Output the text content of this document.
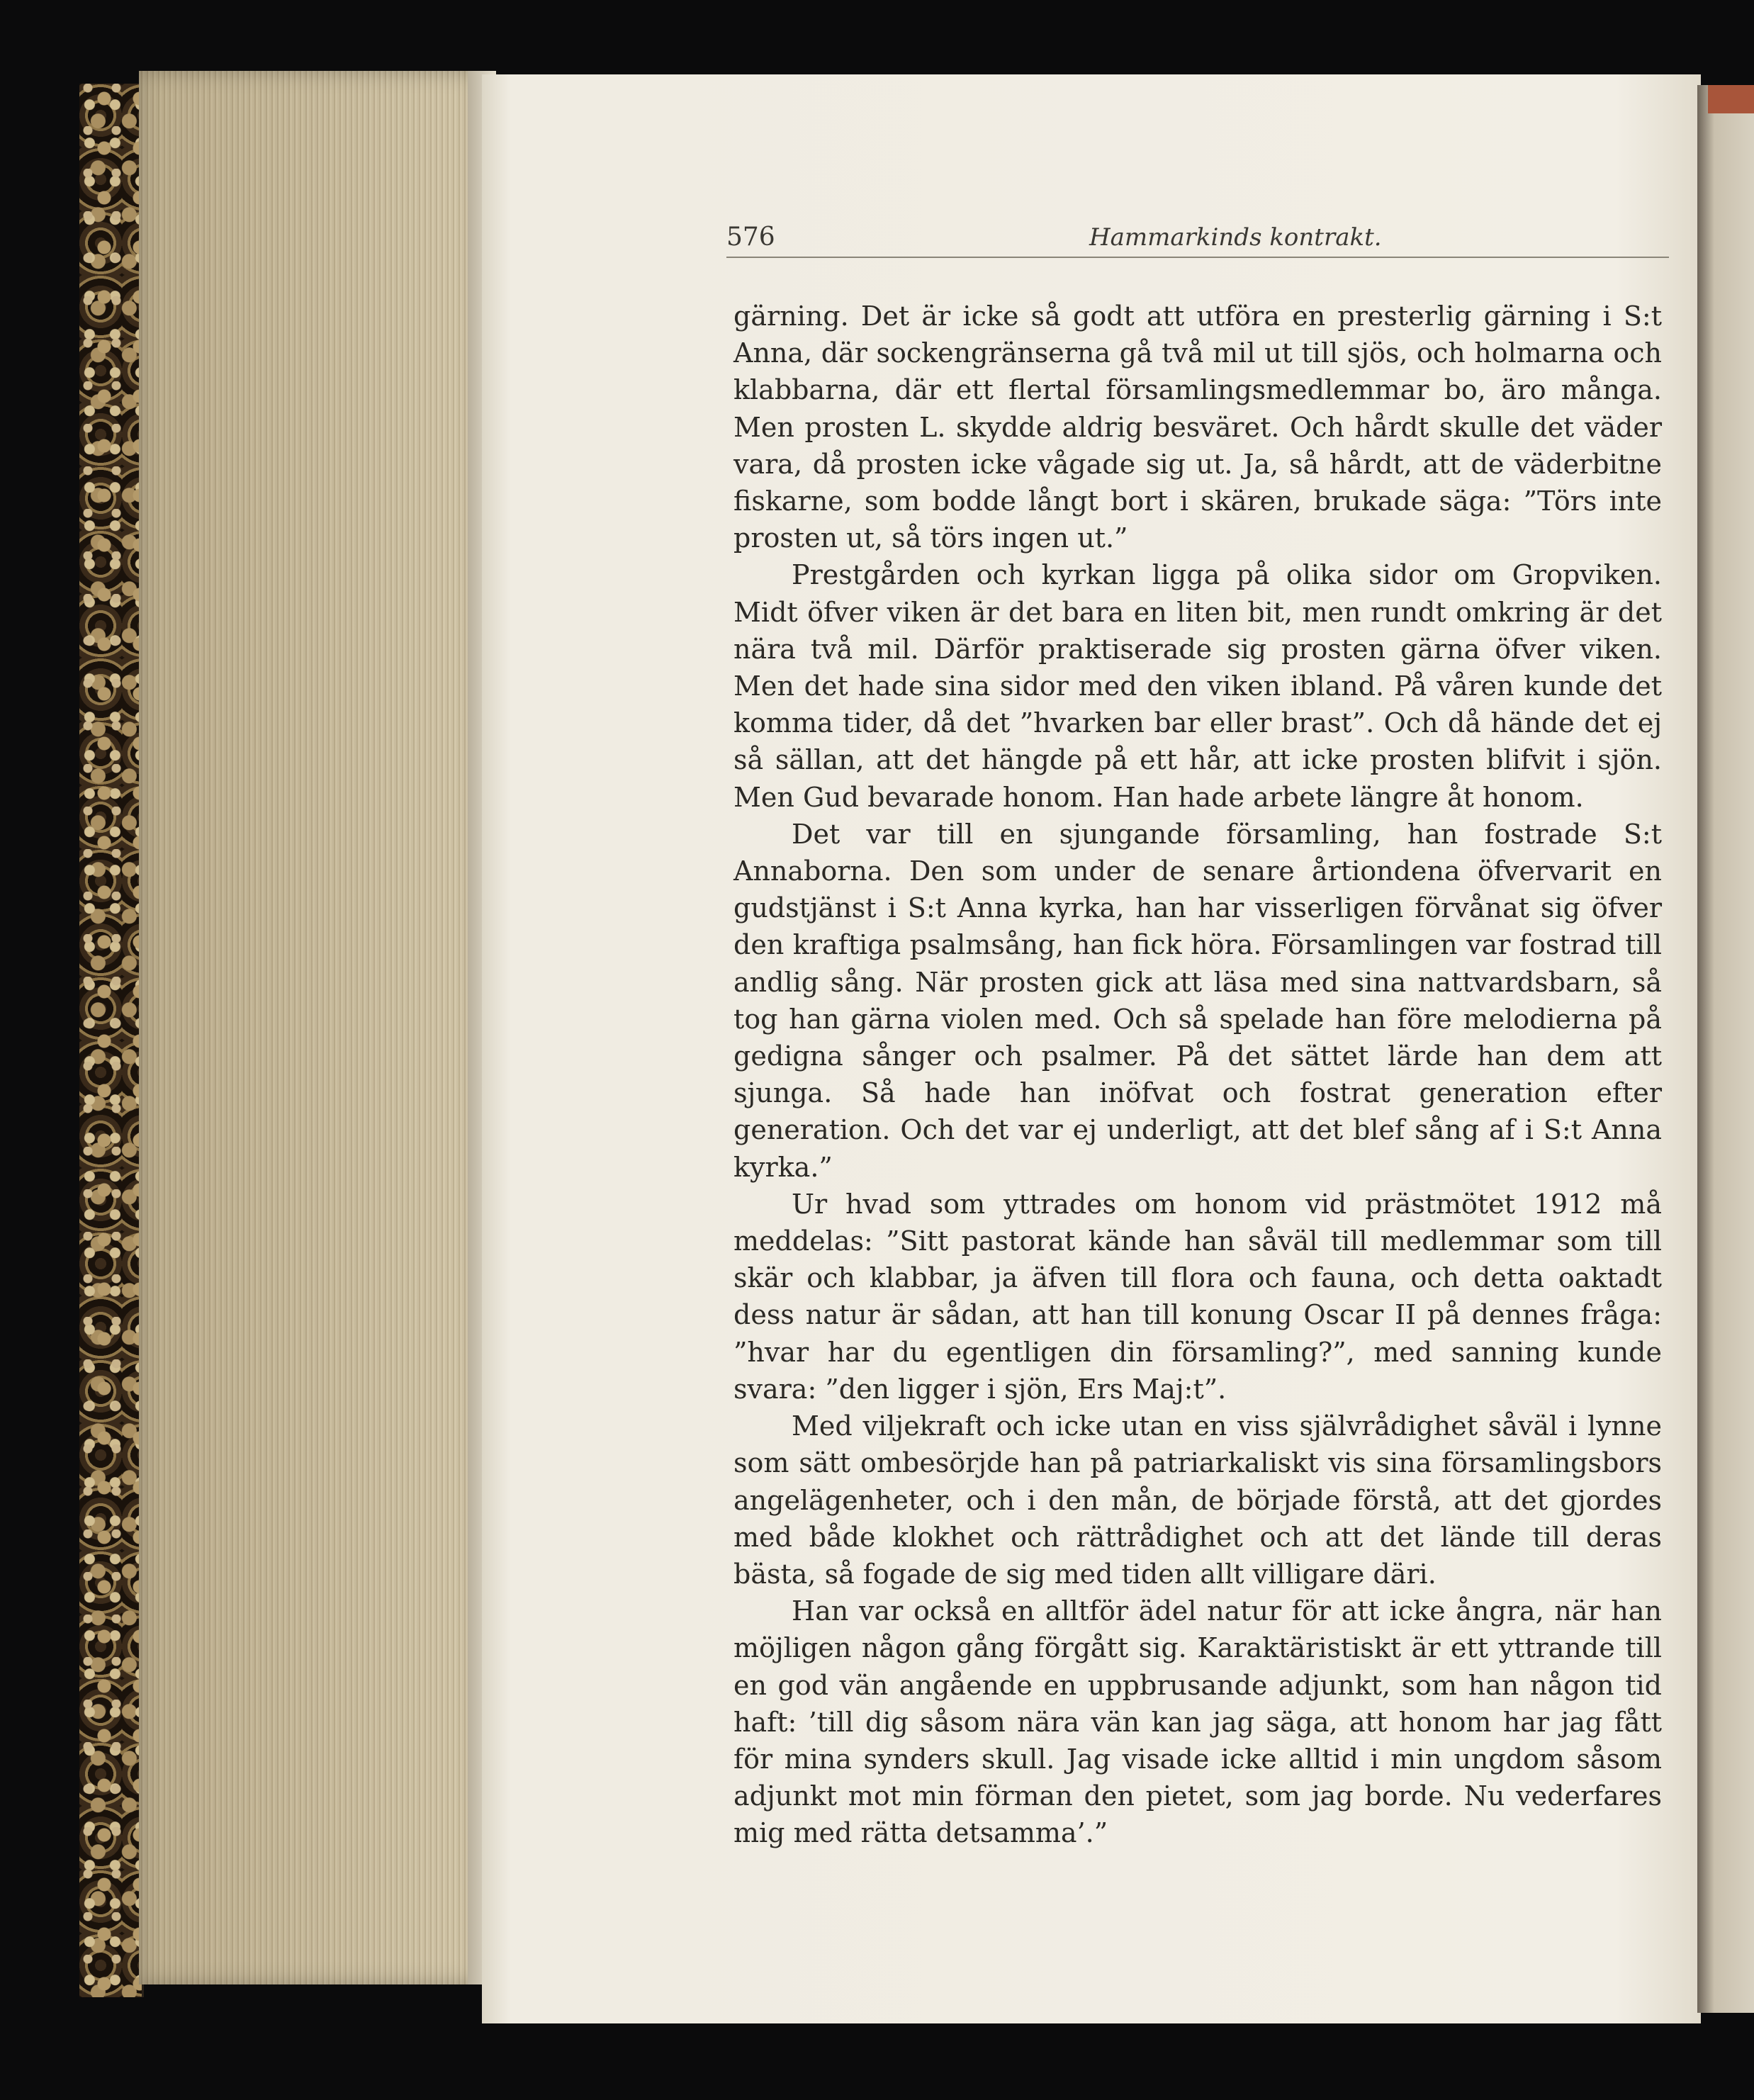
576	Hammarkinds kontrakt.

gärning. Det är icke så godt att utföra en presterlig gärning i S:t Anna, där sockengränserna gå två mil ut till sjös, och holmarna och klabbarna, där ett flertal församlingsmedlemmar bo, äro många. Men prosten L. skydde aldrig besväret. Och hårdt skulle det väder vara, då prosten icke vågade sig ut. Ja, så hårdt, att de väderbitne fiskarne, som bodde långt bort i skären, brukade säga: ”Törs inte prosten ut, så törs ingen ut.”

Prestgården och kyrkan ligga på olika sidor om Gropviken. Midt öfver viken är det bara en liten bit, men rundt omkring är det nära två mil. Därför praktiserade sig prosten gärna öfver viken. Men det hade sina sidor med den viken ibland. På våren kunde det komma tider, då det ”hvarken bar eller brast”. Och då hände det ej så sällan, att det hängde på ett hår, att icke prosten blifvit i sjön. Men Gud bevarade honom. Han hade arbete längre åt honom.

Det var till en sjungande församling, han fostrade S:t Annaborna. Den som under de senare årtiondena öfvervarit en gudstjänst i S:t Anna kyrka, han har visserligen förvånat sig öfver den kraftiga psalmsång, han fick höra. Församlingen var fostrad till andlig sång. När prosten gick att läsa med sina nattvardsbarn, så tog han gärna violen med. Och så spelade han före melodierna på gedigna sånger och psalmer. På det sättet lärde han dem att sjunga. Så hade han inöfvat och fostrat generation efter generation. Och det var ej underligt, att det blef sång af i S:t Anna kyrka.”

Ur hvad som yttrades om honom vid prästmötet 1912 må meddelas: ”Sitt pastorat kände han såväl till medlemmar som till skär och klabbar, ja äfven till flora och fauna, och detta oaktadt dess natur är sådan, att han till konung Oscar II på dennes fråga: ”hvar har du egentligen din församling?”, med sanning kunde svara: ”den ligger i sjön, Ers Maj:t”.

Med viljekraft och icke utan en viss självrådighet såväl i lynne som sätt ombesörjde han på patriarkaliskt vis sina församlingsbors angelägenheter, och i den mån, de började förstå, att det gjordes med både klokhet och rättrådighet och att det lände till deras bästa, så fogade de sig med tiden allt villigare däri.

Han var också en alltför ädel natur för att icke ångra, när han möjligen någon gång förgått sig. Karaktäristiskt är ett yttrande till en god vän angående en uppbrusande adjunkt, som han någon tid haft: ’till dig såsom nära vän kan jag säga, att honom har jag fått för mina synders skull. Jag visade icke alltid i min ungdom såsom adjunkt mot min förman den pietet, som jag borde. Nu vederfares mig med rätta detsamma’.”
